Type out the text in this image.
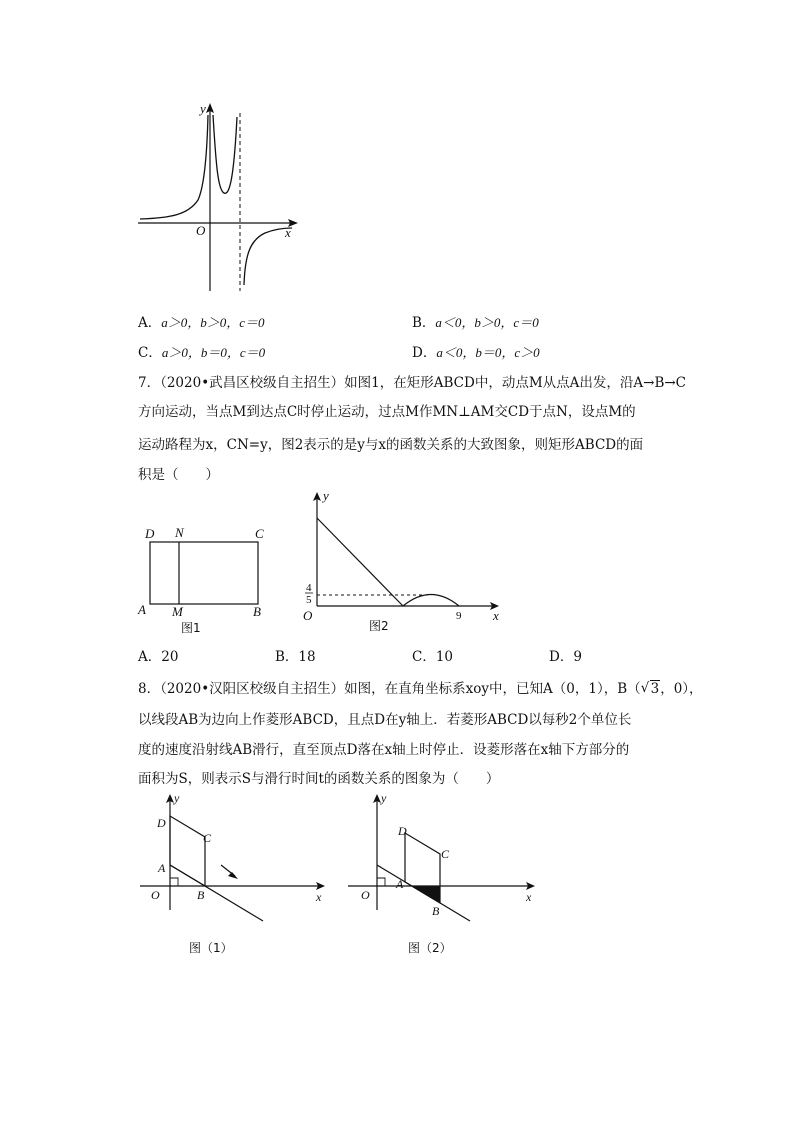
y
x
O
A．a＞0，b＞0，c＝0	B．a＜0，b＞0，c＝0
C．a＞0，b＝0，c＝0	D．a＜0，b＝0，c＞0
7．（2020•武昌区校级自主招生）如图1，在矩形ABCD中，动点M从点A出发，沿A→B→C
方向运动，当点M到达点C时停止运动，过点M作MN⊥AM交CD于点N，设点M的
运动路程为x，CN=y，图2表示的是y与x的函数关系的大致图象，则矩形ABCD的面
积是（　　）
D N	C
A M	B
图1
y
x
O
4
5
9
图2
A．20	B．18	C．10	D．9
8．（2020•汉阳区校级自主招生）如图，在直角坐标系xoy中，已知A（0，1），B（ √ 3，0），
以线段AB为边向上作菱形ABCD，且点D在y轴上．若菱形ABCD以每秒2个单位长
度的速度沿射线AB滑行，直至顶点D落在x轴上时停止．设菱形落在x轴下方部分的
面积为S，则表示S与滑行时间t的函数关系的图象为（　　）
y
x
O
D
C
A
B
图（1）
y
x
O
D
C
A
B
图（2）
